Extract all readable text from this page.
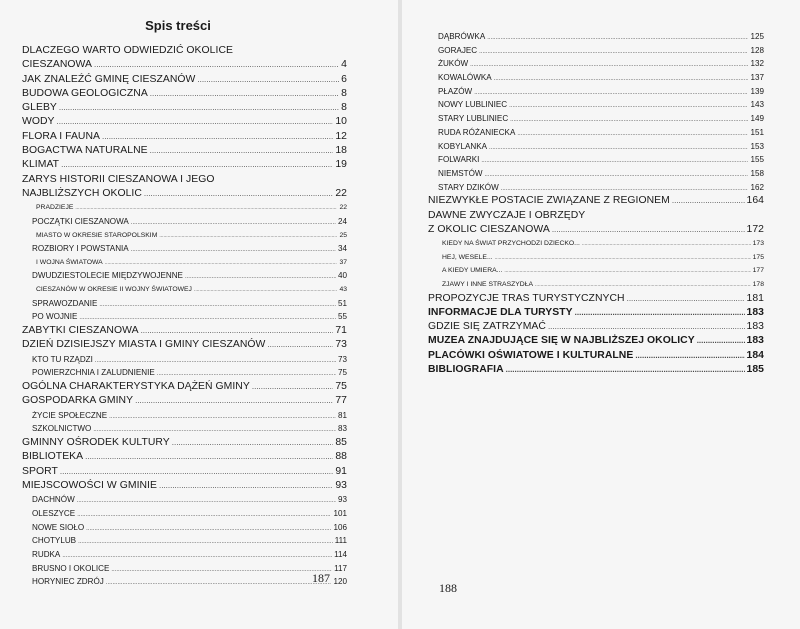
Spis treści
DLACZEGO WARTO ODWIEDZIĆ OKOLICE
CIESZANOWA .....	4
JAK ZNALEŹĆ GMINĘ CIESZANÓW .....	6
BUDOWA GEOLOGICZNA .....	8
GLEBY .....	8
WODY .....	10
FLORA I FAUNA .....	12
BOGACTWA NATURALNE .....	18
KLIMAT .....	19
ZARYS HISTORII CIESZANOWA I JEGO
NAJBLIŻSZYCH OKOLIC .....	22
PRADZIEJE .....	22
POCZĄTKI CIESZANOWA .....	24
MIASTO W OKRESIE STAROPOLSKIM .....	25
ROZBIORY I POWSTANIA .....	34
I WOJNA ŚWIATOWA .....	37
DWUDZIESTOLECIE MIĘDZYWOJENNE .....	40
CIESZANÓW W OKRESIE II WOJNY ŚWIATOWEJ .....	43
SPRAWOZDANIE .....	51
PO WOJNIE .....	55
ZABYTKI CIESZANOWA .....	71
DZIEŃ DZISIEJSZY MIASTA I GMINY CIESZANÓW .....	73
KTO TU RZĄDZI .....	73
POWIERZCHNIA I ZALUDNIENIE .....	75
OGÓLNA CHARAKTERYSTYKA DĄŻEŃ GMINY .....	75
GOSPODARKA GMINY .....	77
ŻYCIE SPOŁECZNE .....	81
SZKOLNICTWO .....	83
GMINNY OŚRODEK KULTURY .....	85
BIBLIOTEKA .....	88
SPORT .....	91
MIEJSCOWOŚCI W GMINIE .....	93
DACHNÓW .....	93
OLESZYCE .....	101
NOWE SIOŁO .....	106
CHOTYLUB .....	111
RUDKA .....	114
BRUSNO I OKOLICE .....	117
HORYNIEC ZDRÓJ .....	120
187
DĄBRÓWKA .....	125
GORAJEC .....	128
ŻUKÓW .....	132
KOWALÓWKA .....	137
PŁAZÓW .....	139
NOWY LUBLINIEC .....	143
STARY LUBLINIEC .....	149
RUDA RÓŻANIECKA .....	151
KOBYLANKA .....	153
FOLWARKI .....	155
NIEMSTÓW .....	158
STARY DZIKÓW .....	162
NIEZWYKŁE POSTACIE ZWIĄZANE Z REGIONEM .....	164
DAWNE ZWYCZAJE I OBRZĘDY
Z OKOLIC CIESZANOWA .....	172
KIEDY NA ŚWIAT PRZYCHODZI DZIECKO... .....	173
HEJ, WESELE... .....	175
A KIEDY UMIERA... .....	177
ZJAWY I INNE STRASZYDŁA .....	178
PROPOZYCJE TRAS TURYSTYCZNYCH .....	181
INFORMACJE DLA TURYSTY .....	183
GDZIE SIĘ ZATRZYMAĆ .....	183
MUZEA ZNAJDUJĄCE SIĘ W NAJBLIŻSZEJ OKOLICY .....	183
PLACÓWKI OŚWIATOWE I KULTURALNE .....	184
BIBLIOGRAFIA .....	185
188
